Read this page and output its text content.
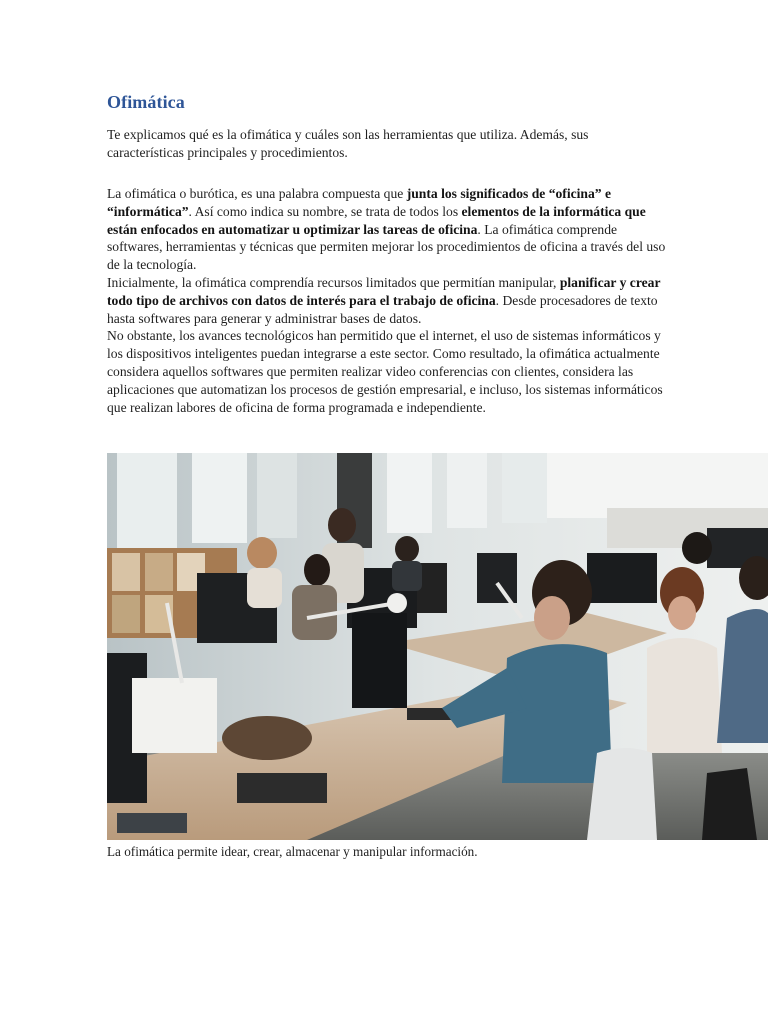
Ofimática

Te explicamos qué es la ofimática y cuáles son las herramientas que utiliza. Además, sus características principales y procedimientos.

La ofimática o burótica, es una palabra compuesta que junta los significados de “oficina” e “informática”. Así como indica su nombre, se trata de todos los elementos de la informática que están enfocados en automatizar u optimizar las tareas de oficina. La ofimática comprende softwares, herramientas y técnicas que permiten mejorar los procedimientos de oficina a través del uso de la tecnología.
Inicialmente, la ofimática comprendía recursos limitados que permitían manipular, planificar y crear todo tipo de archivos con datos de interés para el trabajo de oficina. Desde procesadores de texto hasta softwares para generar y administrar bases de datos.
No obstante, los avances tecnológicos han permitido que el internet, el uso de sistemas informáticos y los dispositivos inteligentes puedan integrarse a este sector. Como resultado, la ofimática actualmente considera aquellos softwares que permiten realizar video conferencias con clientes, considera las aplicaciones que automatizan los procesos de gestión empresarial, e incluso, los sistemas informáticos que realizan labores de oficina de forma programada e independiente.

La ofimática permite idear, crear, almacenar y manipular información.
